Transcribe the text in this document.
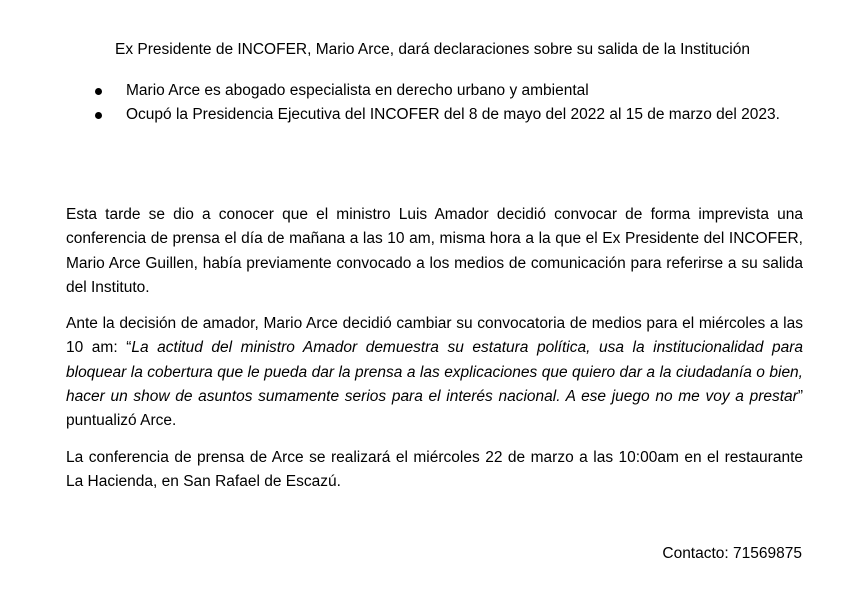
Ex Presidente de INCOFER, Mario Arce, dará declaraciones sobre su salida de la Institución
Mario Arce es abogado especialista en derecho urbano y ambiental
Ocupó la Presidencia Ejecutiva del INCOFER del 8 de mayo del 2022 al 15 de marzo del 2023.

Esta tarde se dio a conocer que el ministro Luis Amador decidió convocar de forma imprevista una conferencia de prensa el día de mañana a las 10 am, misma hora a la que el Ex Presidente del INCOFER, Mario Arce Guillen, había previamente convocado a los medios de comunicación para referirse a su salida del Instituto.

Ante la decisión de amador, Mario Arce decidió cambiar su convocatoria de medios para el miércoles a las 10 am: “La actitud del ministro Amador demuestra su estatura política, usa la institucionalidad para bloquear la cobertura que le pueda dar la prensa a las explicaciones que quiero dar a la ciudadanía o bien, hacer un show de asuntos sumamente serios para el interés nacional. A ese juego no me voy a prestar” puntualizó Arce.

La conferencia de prensa de Arce se realizará el miércoles 22 de marzo a las 10:00am en el restaurante La Hacienda, en San Rafael de Escazú.

Contacto: 71569875
